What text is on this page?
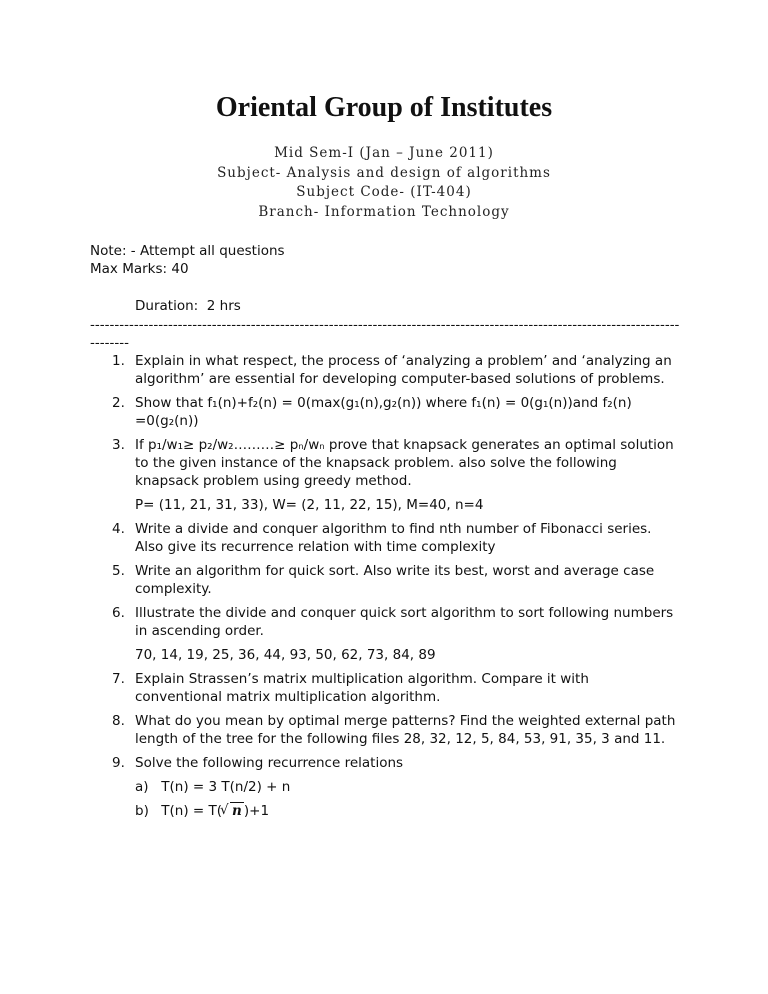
Oriental Group of Institutes
Mid Sem-I (Jan – June 2011)
Subject- Analysis and design of algorithms
Subject Code- (IT-404)
Branch- Information Technology
Note: - Attempt all questions
Max Marks: 40
Duration:  2 hrs
---------------------------------------------------------------------------------------------------------------------------------
1. Explain in what respect, the process of ‘analyzing a problem’ and ‘analyzing an algorithm’ are essential for developing computer-based solutions of problems.
2. Show that f₁(n)+f₂(n) = 0(max(g₁(n),g₂(n)) where f₁(n) = 0(g₁(n))and f₂(n) =0(g₂(n))
3. If p₁/w₁≥ p₂/w₂………≥ pₙ/wₙ prove that knapsack generates an optimal solution to the given instance of the knapsack problem. also solve the following knapsack problem using greedy method.
P= (11, 21, 31, 33), W= (2, 11, 22, 15), M=40, n=4
4. Write a divide and conquer algorithm to find nth number of Fibonacci series. Also give its recurrence relation with time complexity
5. Write an algorithm for quick sort. Also write its best, worst and average case complexity.
6. Illustrate the divide and conquer quick sort algorithm to sort following numbers in ascending order.
70, 14, 19, 25, 36, 44, 93, 50, 62, 73, 84, 89
7. Explain Strassen’s matrix multiplication algorithm. Compare it with conventional matrix multiplication algorithm.
8. What do you mean by optimal merge patterns? Find the weighted external path length of the tree for the following files 28, 32, 12, 5, 84, 53, 91, 35, 3 and 11.
9. Solve the following recurrence relations
a) T(n) = 3 T(n/2) + n
b) T(n) = T(√ n )+1
